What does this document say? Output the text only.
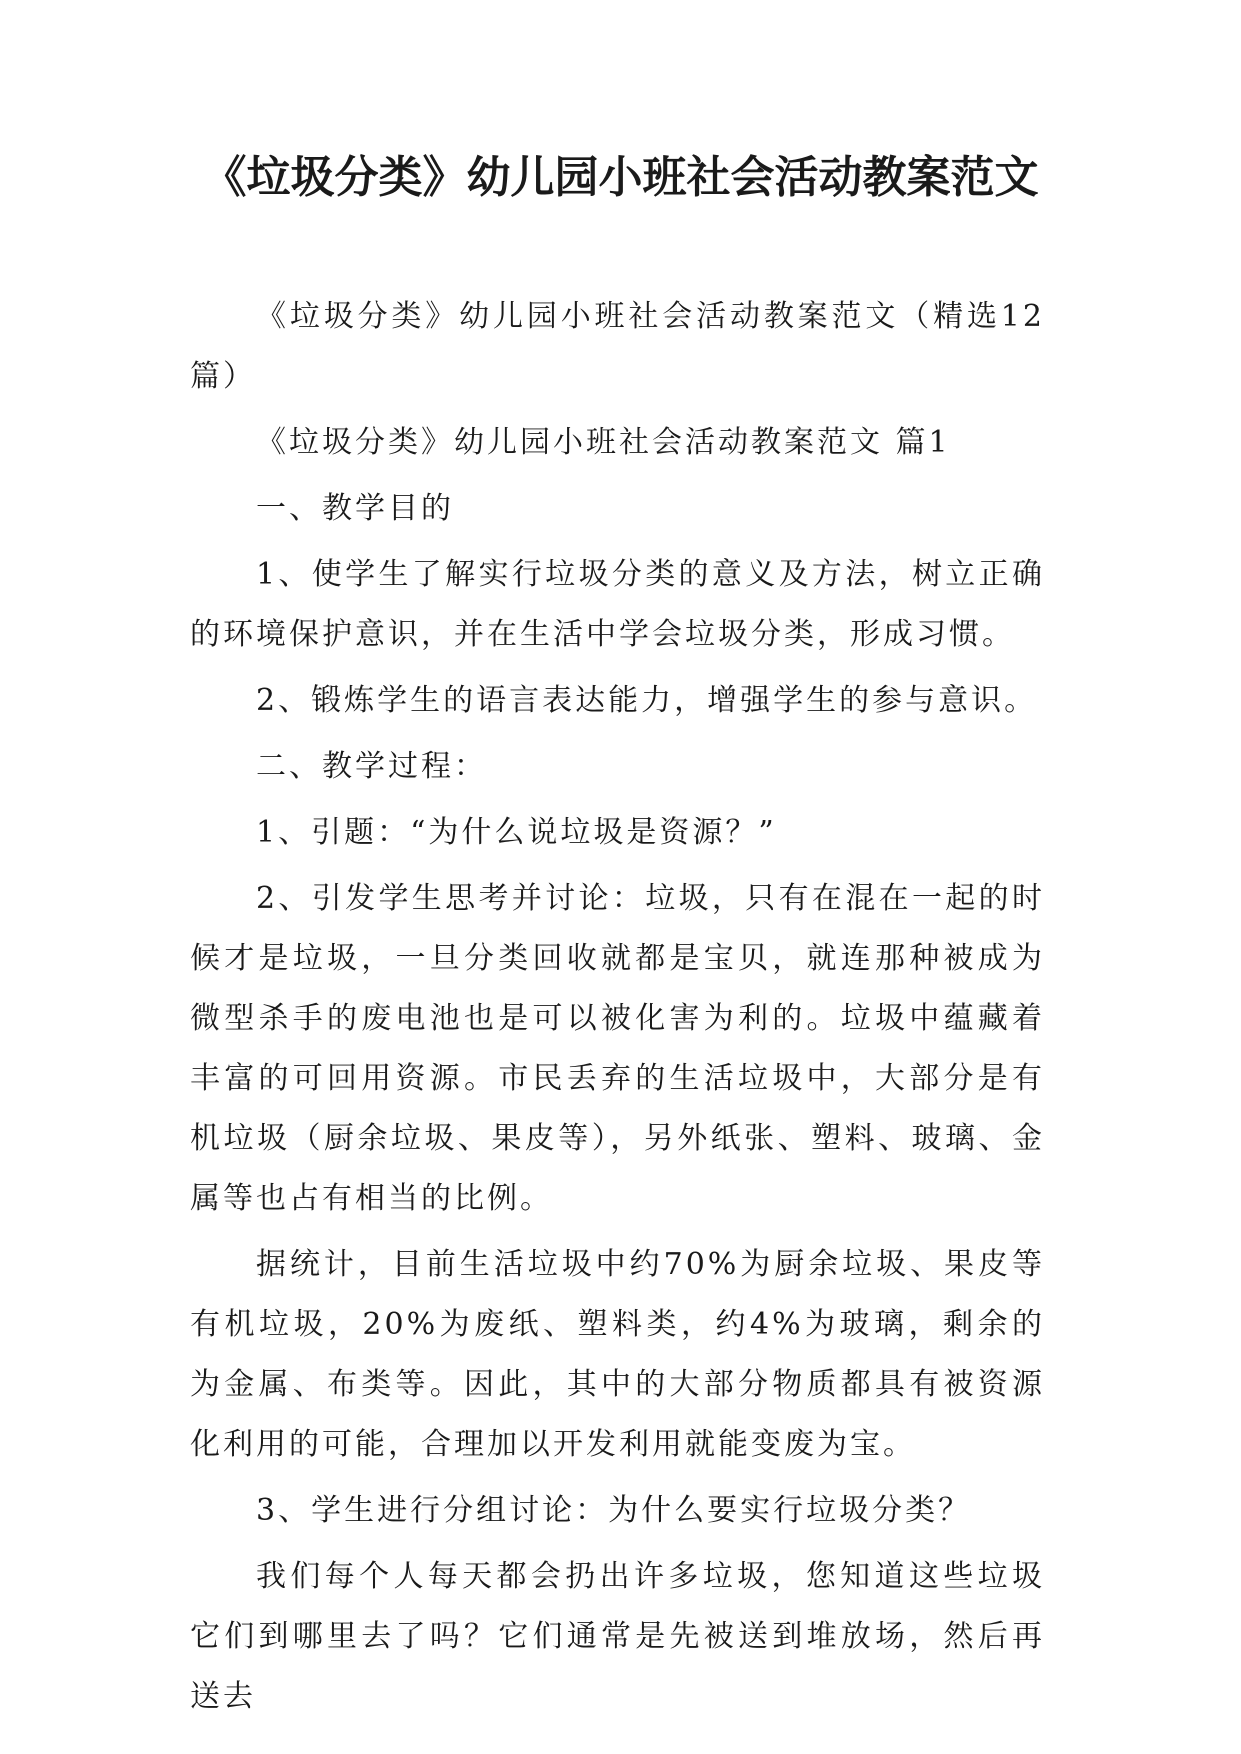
《垃圾分类》幼儿园小班社会活动教案范文

《垃圾分类》幼儿园小班社会活动教案范文（精选12篇）

《垃圾分类》幼儿园小班社会活动教案范文 篇1

一、教学目的

1、使学生了解实行垃圾分类的意义及方法，树立正确的环境保护意识，并在生活中学会垃圾分类，形成习惯。

2、锻炼学生的语言表达能力，增强学生的参与意识。

二、教学过程：

1、引题：“为什么说垃圾是资源？”

2、引发学生思考并讨论：垃圾，只有在混在一起的时候才是垃圾，一旦分类回收就都是宝贝，就连那种被成为微型杀手的废电池也是可以被化害为利的。垃圾中蕴藏着丰富的可回用资源。市民丢弃的生活垃圾中，大部分是有机垃圾（厨余垃圾、果皮等），另外纸张、塑料、玻璃、金属等也占有相当的比例。

据统计，目前生活垃圾中约70%为厨余垃圾、果皮等有机垃圾，20%为废纸、塑料类，约4%为玻璃，剩余的为金属、布类等。因此，其中的大部分物质都具有被资源化利用的可能，合理加以开发利用就能变废为宝。

3、学生进行分组讨论：为什么要实行垃圾分类？

我们每个人每天都会扔出许多垃圾，您知道这些垃圾它们到哪里去了吗？它们通常是先被送到堆放场，然后再送去
